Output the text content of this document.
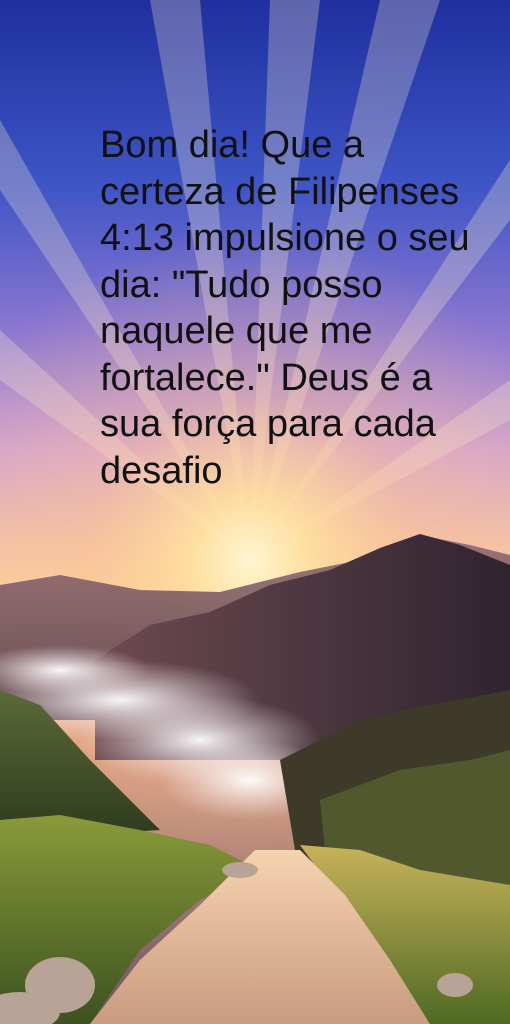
Bom dia! Que a certeza de Filipenses 4:13 impulsione o seu dia: "Tudo posso naquele que me fortalece." Deus é a sua força para cada desafio
